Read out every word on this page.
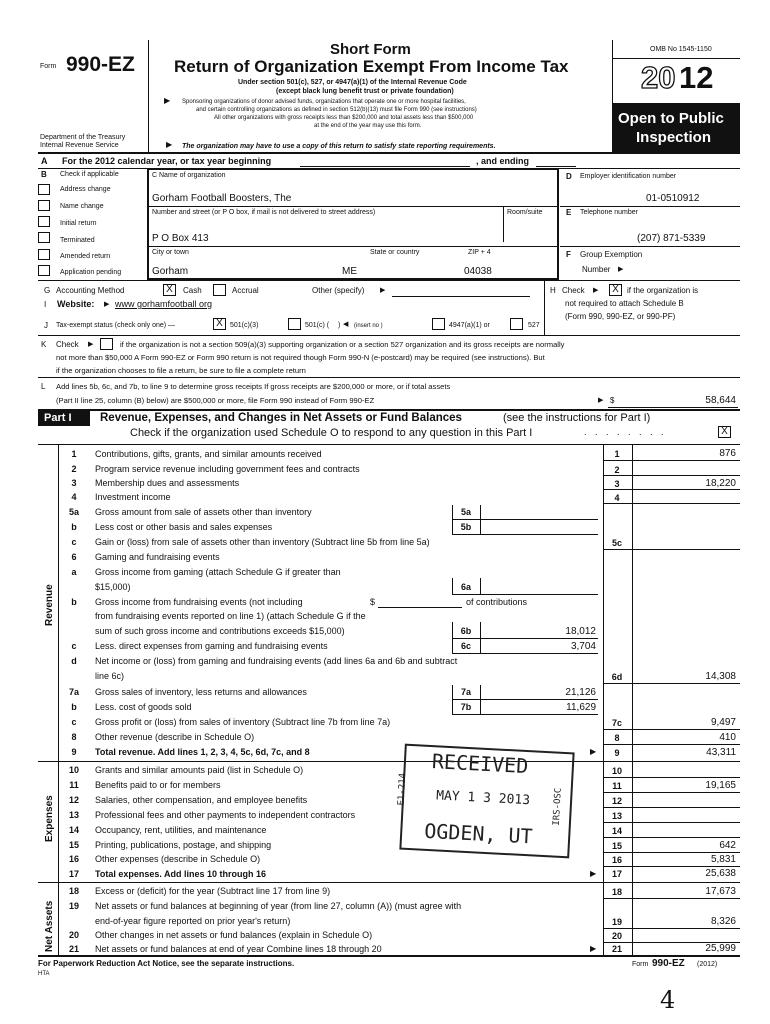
Form 990-EZ
Department of the Treasury
Internal Revenue Service
Short Form
Return of Organization Exempt From Income Tax
Under section 501(c), 527, or 4947(a)(1) of the Internal Revenue Code
(except black lung benefit trust or private foundation)
▶ Sponsoring organizations of donor advised funds, organizations that operate one or more hospital facilities,
and certain controlling organizations as defined in section 512(b)(13) must file Form 990 (see instructions)
All other organizations with gross receipts less than $200,000 and total assets less than $500,000
at the end of the year may use this form.
▶ The organization may have to use a copy of this return to satisfy state reporting requirements.
OMB No 1545-1150
20 12
Open to Public
Inspection
A For the 2012 calendar year, or tax year beginning	, and ending
B Check if applicable
Address change
Name change
Initial return
Terminated
Amended return
Application pending
C Name of organization
Gorham Football Boosters, The
Number and street (or P O box, if mail is not delivered to street address)	Room/suite
P O Box 413
City or town	State or country	ZIP + 4
Gorham	ME	04038
D Employer identification number
01-0510912
E Telephone number
(207) 871-5339
F Group Exemption
Number ▶
G Accounting Method	X	Cash	Accrual	Other (specify) ▶
I Website: ▶ www gorhamfootball org
J Tax-exempt status (check only one) —	X	501(c)(3)	501(c) ( ) ◀ (insert no )	4947(a)(1) or	527
H Check ▶	X	if the organization is
not required to attach Schedule B
(Form 990, 990-EZ, or 990-PF)
K Check ▶	if the organization is not a section 509(a)(3) supporting organization or a section 527 organization and its gross receipts are normally
not more than $50,000 A Form 990-EZ or Form 990 return is not required though Form 990-N (e-postcard) may be required (see instructions). But
if the organization chooses to file a return, be sure to file a complete return
L Add lines 5b, 6c, and 7b, to line 9 to determine gross receipts If gross receipts are $200,000 or more, or if total assets
(Part II line 25, column (B) below) are $500,000 or more, file Form 990 instead of Form 990-EZ	▶ $	58,644
Part I Revenue, Expenses, and Changes in Net Assets or Fund Balances	(see the instructions for Part I)
Check if the organization used Schedule O to respond to any question in this Part I	. . . . . . . .	X
Revenue
Expenses
Net Assets
1	Contributions, gifts, grants, and similar amounts received	1	876
2	Program service revenue including government fees and contracts	2
3	Membership dues and assessments	3	18,220
4	Investment income	4
5a	Gross amount from sale of assets other than inventory	5a
b	Less cost or other basis and sales expenses	5b
c	Gain or (loss) from sale of assets other than inventory (Subtract line 5b from line 5a)	5c
6	Gaming and fundraising events
a	Gross income from gaming (attach Schedule G if greater than
$15,000)	6a
b	Gross income from fundraising events (not including	$	of contributions
from fundraising events reported on line 1) (attach Schedule G if the
sum of such gross income and contributions exceeds $15,000)	6b	18,012
c	Less. direct expenses from gaming and fundraising events	6c	3,704
d	Net income or (loss) from gaming and fundraising events (add lines 6a and 6b and subtract
line 6c)	6d	14,308
7a	Gross sales of inventory, less returns and allowances	7a	21,126
b	Less. cost of goods sold	7b	11,629
c	Gross profit or (loss) from sales of inventory (Subtract line 7b from line 7a)	7c	9,497
8	Other revenue (describe in Schedule O)	8	410
9	Total revenue. Add lines 1, 2, 3, 4, 5c, 6d, 7c, and 8	▶	9	43,311
10	Grants and similar amounts paid (list in Schedule O)	10
11	Benefits paid to or for members	11	19,165
12	Salaries, other compensation, and employee benefits	12
13	Professional fees and other payments to independent contractors	13
14	Occupancy, rent, utilities, and maintenance	14
15	Printing, publications, postage, and shipping	15	642
16	Other expenses (describe in Schedule O)	16	5,831
17	Total expenses. Add lines 10 through 16	▶	17	25,638
18	Excess or (deficit) for the year (Subtract line 17 from line 9)	18	17,673
19	Net assets or fund balances at beginning of year (from line 27, column (A)) (must agree with
end-of-year figure reported on prior year's return)	19	8,326
20	Other changes in net assets or fund balances (explain in Schedule O)	20
21	Net assets or fund balances at end of year Combine lines 18 through 20	▶	21	25,999
For Paperwork Reduction Act Notice, see the separate instructions.
HTA
Form 990-EZ (2012)
4
RECEIVED
MAY 1 3 2013
OGDEN, UT
E1-214	IRS-OSC
